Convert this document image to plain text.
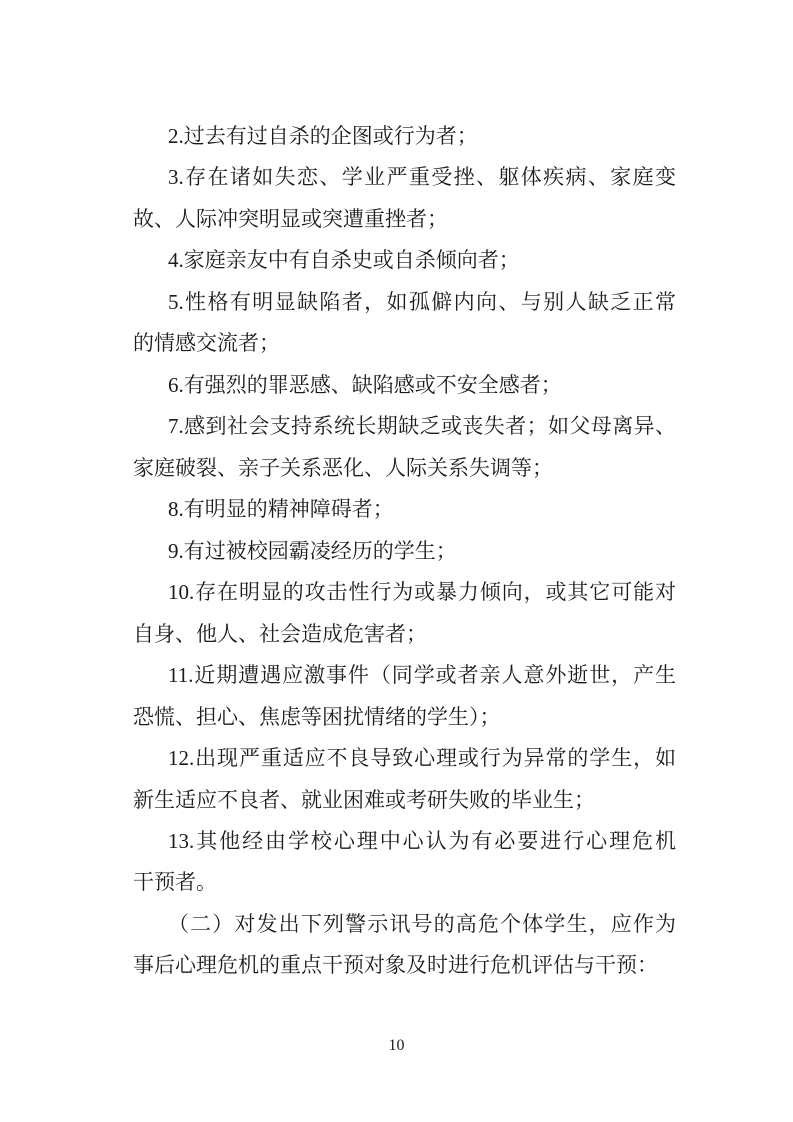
2.过去有过自杀的企图或行为者；
3.存在诸如失恋、学业严重受挫、躯体疾病、家庭变
故、人际冲突明显或突遭重挫者；
4.家庭亲友中有自杀史或自杀倾向者；
5.性格有明显缺陷者，如孤僻内向、与别人缺乏正常
的情感交流者；
6.有强烈的罪恶感、缺陷感或不安全感者；
7.感到社会支持系统长期缺乏或丧失者；如父母离异、
家庭破裂、亲子关系恶化、人际关系失调等；
8.有明显的精神障碍者；
9.有过被校园霸凌经历的学生；
10.存在明显的攻击性行为或暴力倾向，或其它可能对
自身、他人、社会造成危害者；
11.近期遭遇应激事件（同学或者亲人意外逝世，产生
恐慌、担心、焦虑等困扰情绪的学生）；
12.出现严重适应不良导致心理或行为异常的学生，如
新生适应不良者、就业困难或考研失败的毕业生；
13.其他经由学校心理中心认为有必要进行心理危机
干预者。
（二）对发出下列警示讯号的高危个体学生，应作为
事后心理危机的重点干预对象及时进行危机评估与干预：
10
